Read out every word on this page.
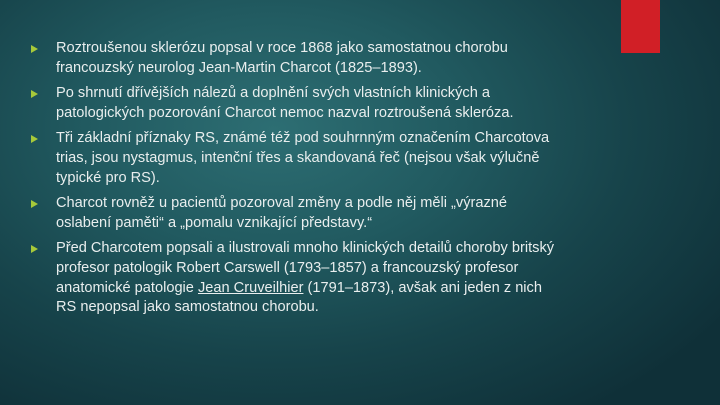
Roztroušenou sklerózu popsal v roce 1868 jako samostatnou chorobu francouzský neurolog Jean-Martin Charcot (1825–1893).
Po shrnutí dřívějších nálezů a doplnění svých vlastních klinických a patologických pozorování Charcot nemoc nazval roztroušená skleróza.
Tři základní příznaky RS, známé též pod souhrnným označením Charcotova trias, jsou nystagmus, intenční třes a skandovaná řeč (nejsou však výlučně typické pro RS).
Charcot rovněž u pacientů pozoroval změny a podle něj měli „výrazné oslabení paměti“ a „pomalu vznikající představy.“
Před Charcotem popsali a ilustrovali mnoho klinických detailů choroby britský profesor patologik Robert Carswell (1793–1857) a francouzský profesor anatomické patologie Jean Cruveilhier (1791–1873), avšak ani jeden z nich RS nepopsal jako samostatnou chorobu.
